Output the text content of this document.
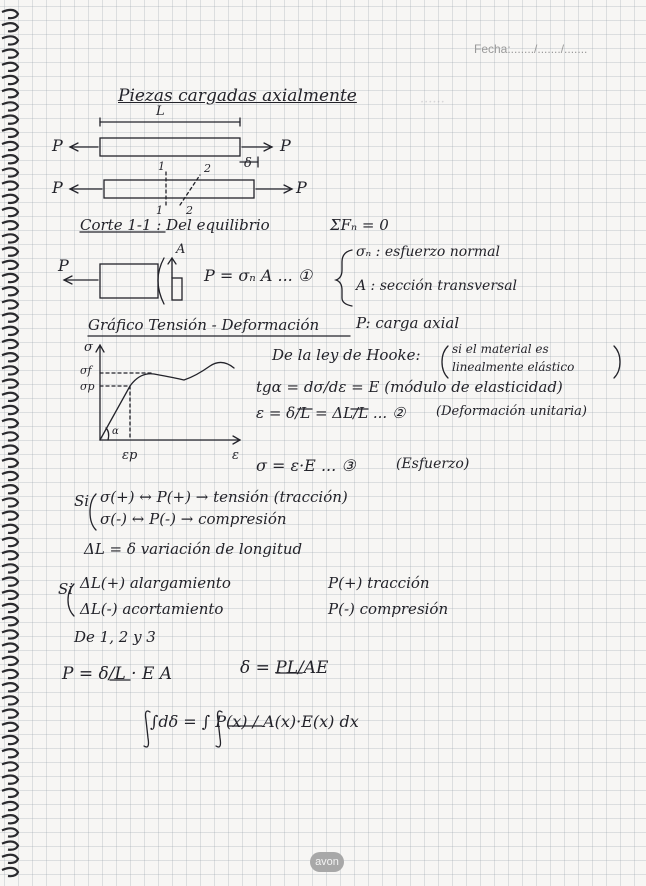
······
Fecha:......./......./.......
Piezas cargadas axialmente
L
P	P
δ
P	P
1
1
2
2
Corte 1-1 : Del equilibrio	ΣFₙ = 0
P
A
P = σₙ A ... ①
σₙ : esfuerzo normal
A : sección transversal
Gráfico Tensión - Deformación P: carga axial
σ
σf
σp
ε
εp
α
De la ley de Hooke:	si el material es
linealmente elástico
tgα = dσ/dε = E (módulo de elasticidad)
ε = δ/L = ΔL/L ... ② (Deformación unitaria)
σ = ε·E ... ③	(Esfuerzo)
Si σ(+) ↔ P(+) → tensión (tracción)
σ(-) ↔ P(-) → compresión
ΔL = δ variación de longitud
Si ΔL(+) alargamiento	P(+) tracción
ΔL(-) acortamiento	P(-) compresión
De 1, 2 y 3
P = δ/L · E A	δ = PL/AE
∫dδ = ∫ P(x) / A(x)·E(x) dx
avon
